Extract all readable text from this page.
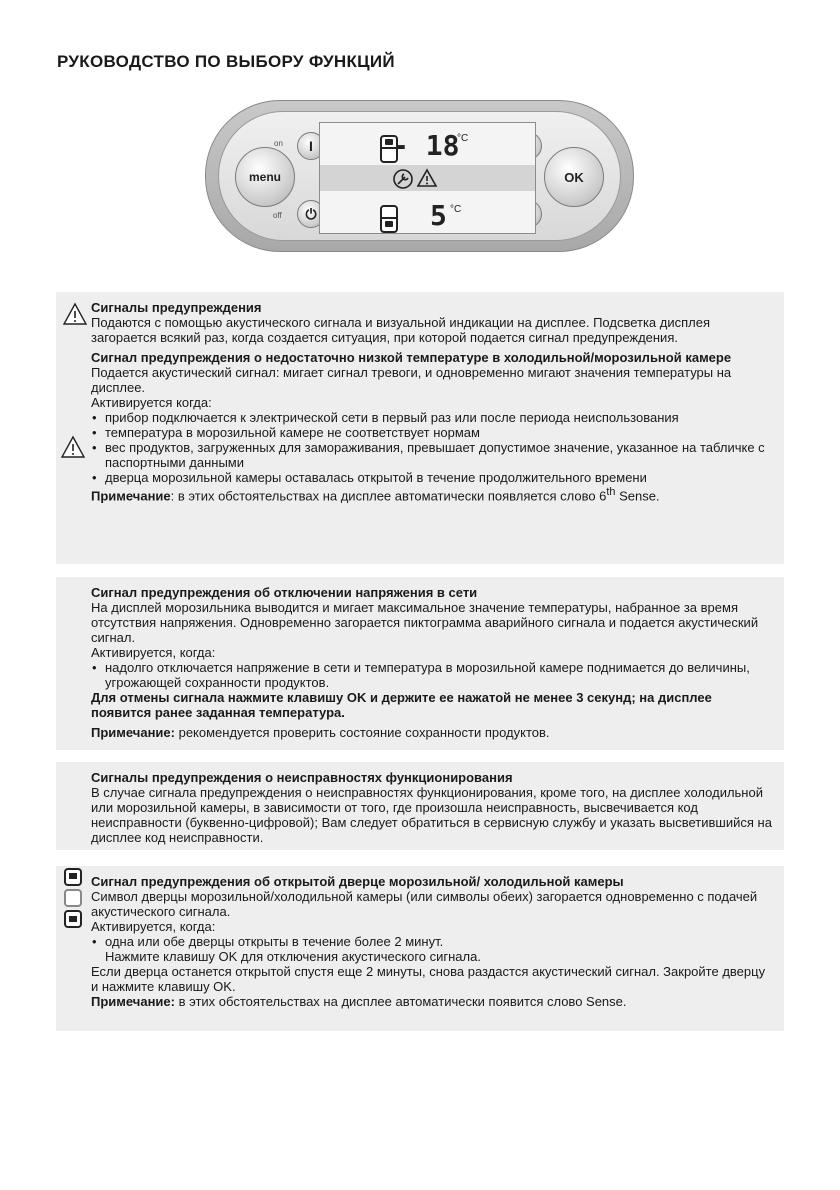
РУКОВОДСТВО ПО ВЫБОРУ ФУНКЦИЙ
menu	OK
on
off
I
⏻
- 18
°C
5 °C

Сигналы предупреждения

Подаются с помощью акустического сигнала и визуальной индикации на дисплее. Подсветка дисплея загорается всякий раз, когда создается ситуация, при которой подается сигнал предупреждения.

Сигнал предупреждения о недостаточно низкой температуре в холодильной/морозильной камере

Подается акустический сигнал: мигает сигнал тревоги, и одновременно мигают значения температуры на дисплее.

Активируется когда:

• прибор подключается к электрической сети в первый раз или после периода неиспользования
• температура в морозильной камере не соответствует нормам
• вес продуктов, загруженных для замораживания, превышает допустимое значение, указанное на табличке с паспортными данными
• дверца морозильной камеры оставалась открытой в течение продолжительного времени

Примечание: в этих обстоятельствах на дисплее автоматически появляется слово 6th Sense.

Сигнал предупреждения об отключении напряжения в сети

На дисплей морозильника выводится и мигает максимальное значение температуры, набранное за время отсутствия напряжения. Одновременно загорается пиктограмма аварийного сигнала и подается акустический сигнал.

Активируется, когда:

• надолго отключается напряжение в сети и температура в морозильной камере поднимается до величины, угрожающей сохранности продуктов.

Для отмены сигнала нажмите клавишу OK и держите ее нажатой не менее 3 секунд; на дисплее появится ранее заданная температура.

Примечание: рекомендуется проверить состояние сохранности продуктов.

Сигналы предупреждения о неисправностях функционирования

В случае сигнала предупреждения о неисправностях функционирования, кроме того, на дисплее холодильной или морозильной камеры, в зависимости от того, где произошла неисправность, высвечивается код неисправности (буквенно-цифровой); Вам следует обратиться в сервисную службу и указать высветившийся на дисплее код неисправности.

Сигнал предупреждения об открытой дверце морозильной/ холодильной камеры

Символ дверцы морозильной/холодильной камеры (или символы обеих) загорается одновременно с подачей акустического сигнала.

Активируется, когда:

• одна или обе дверцы открыты в течение более 2 минут.

Нажмите клавишу OK для отключения акустического сигнала.

Если дверца останется открытой спустя еще 2 минуты, снова раздастся акустический сигнал. Закройте дверцу и нажмите клавишу OK.

Примечание: в этих обстоятельствах на дисплее автоматически появится слово Sense.
